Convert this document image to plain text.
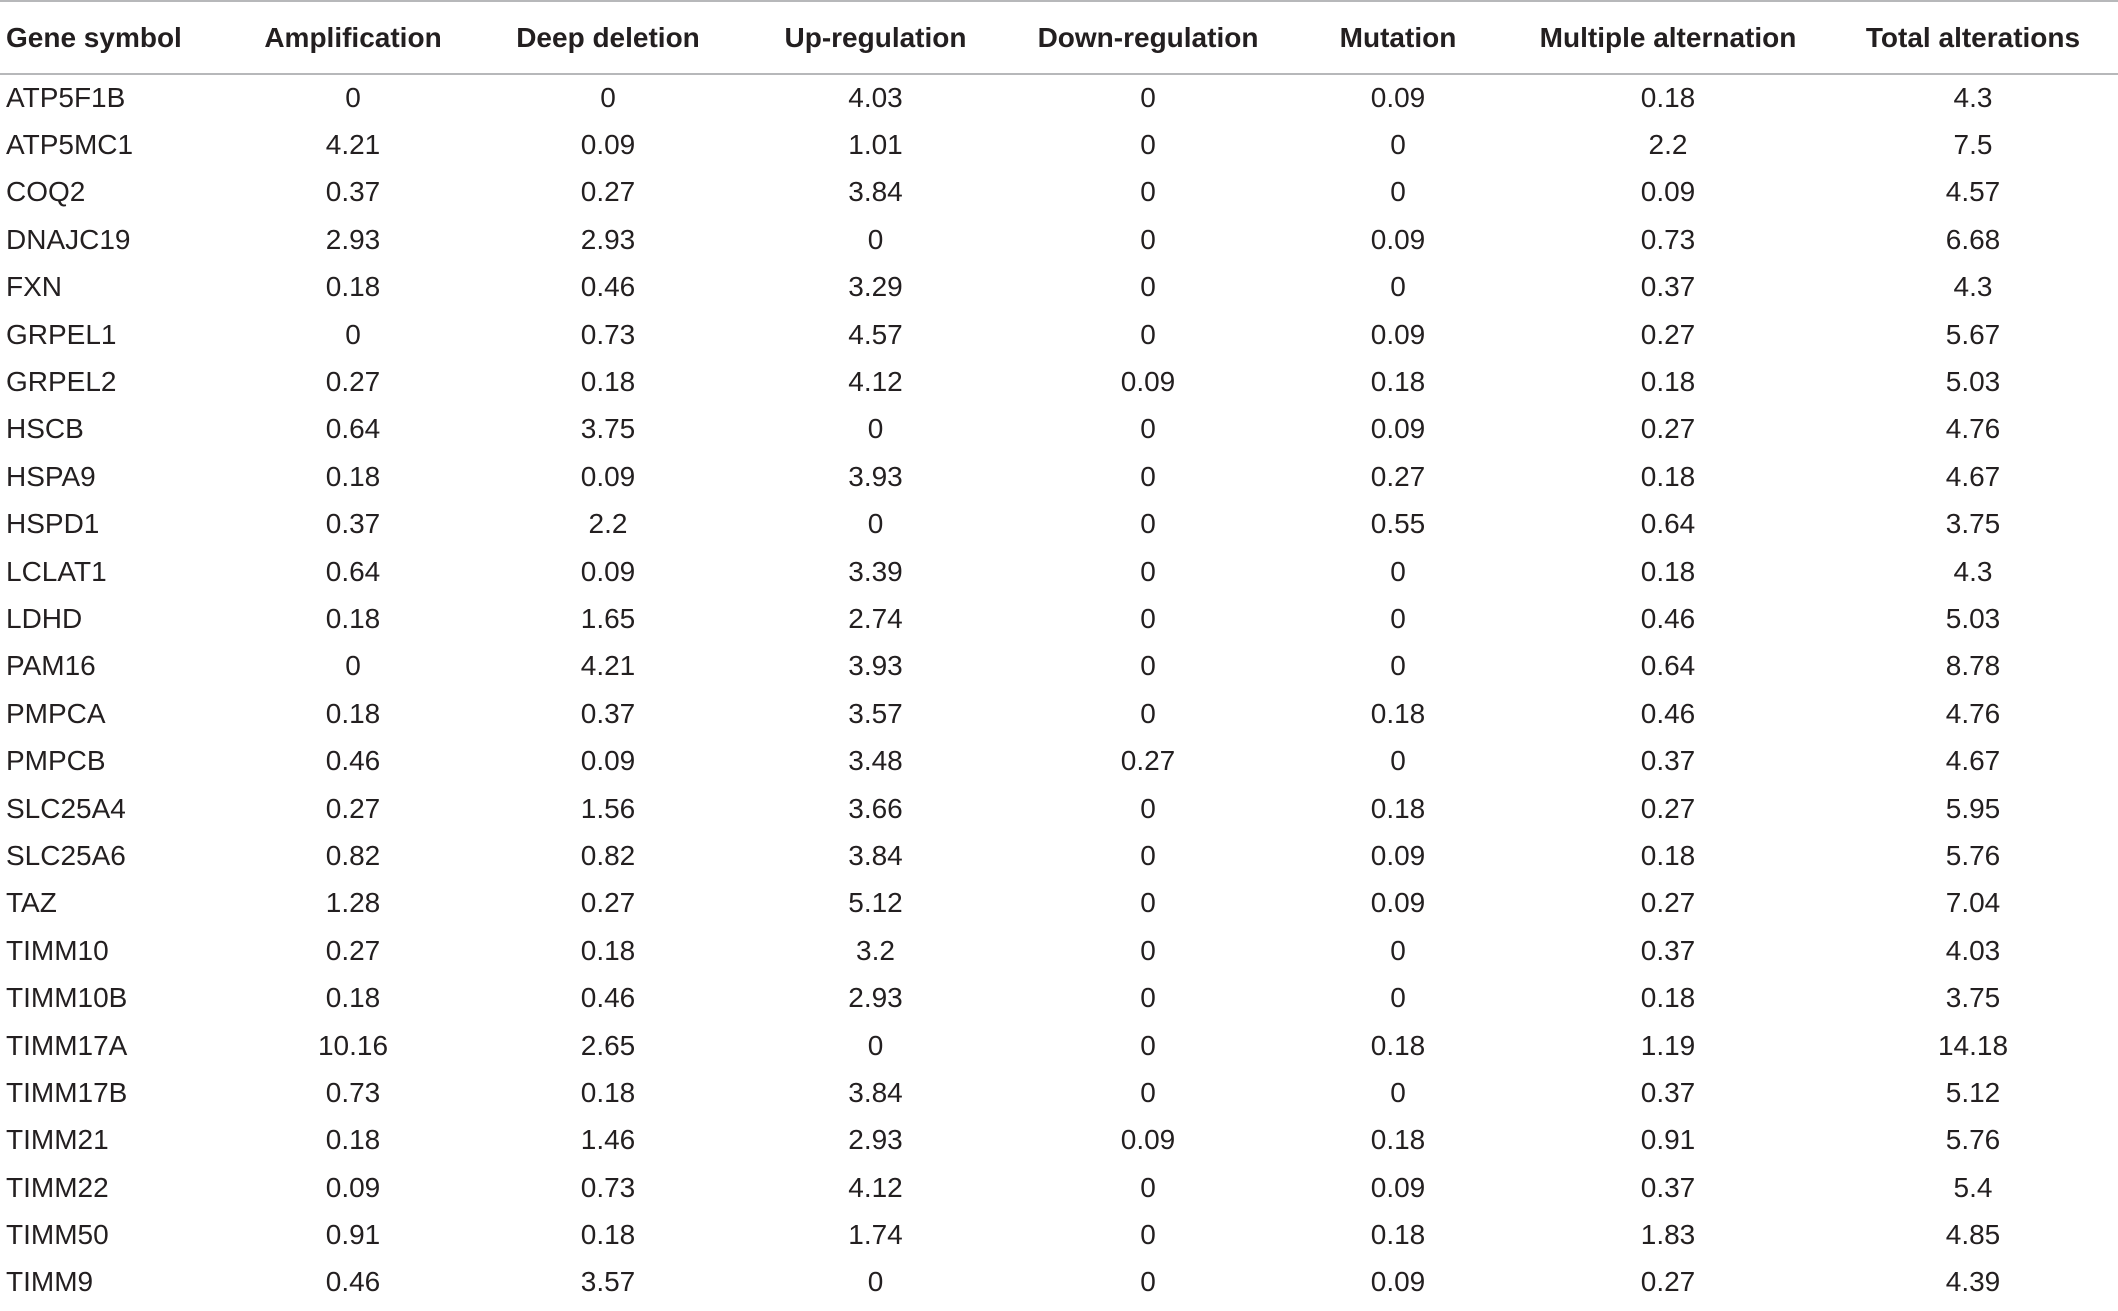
Gene symbol	Amplification	Deep deletion	Up-regulation	Down-regulation	Mutation	Multiple alternation	Total alterations
ATP5F1B	0	0	4.03	0	0.09	0.18	4.3
ATP5MC1	4.21	0.09	1.01	0	0	2.2	7.5
COQ2	0.37	0.27	3.84	0	0	0.09	4.57
DNAJC19	2.93	2.93	0	0	0.09	0.73	6.68
FXN	0.18	0.46	3.29	0	0	0.37	4.3
GRPEL1	0	0.73	4.57	0	0.09	0.27	5.67
GRPEL2	0.27	0.18	4.12	0.09	0.18	0.18	5.03
HSCB	0.64	3.75	0	0	0.09	0.27	4.76
HSPA9	0.18	0.09	3.93	0	0.27	0.18	4.67
HSPD1	0.37	2.2	0	0	0.55	0.64	3.75
LCLAT1	0.64	0.09	3.39	0	0	0.18	4.3
LDHD	0.18	1.65	2.74	0	0	0.46	5.03
PAM16	0	4.21	3.93	0	0	0.64	8.78
PMPCA	0.18	0.37	3.57	0	0.18	0.46	4.76
PMPCB	0.46	0.09	3.48	0.27	0	0.37	4.67
SLC25A4	0.27	1.56	3.66	0	0.18	0.27	5.95
SLC25A6	0.82	0.82	3.84	0	0.09	0.18	5.76
TAZ	1.28	0.27	5.12	0	0.09	0.27	7.04
TIMM10	0.27	0.18	3.2	0	0	0.37	4.03
TIMM10B	0.18	0.46	2.93	0	0	0.18	3.75
TIMM17A	10.16	2.65	0	0	0.18	1.19	14.18
TIMM17B	0.73	0.18	3.84	0	0	0.37	5.12
TIMM21	0.18	1.46	2.93	0.09	0.18	0.91	5.76
TIMM22	0.09	0.73	4.12	0	0.09	0.37	5.4
TIMM50	0.91	0.18	1.74	0	0.18	1.83	4.85
TIMM9	0.46	3.57	0	0	0.09	0.27	4.39
